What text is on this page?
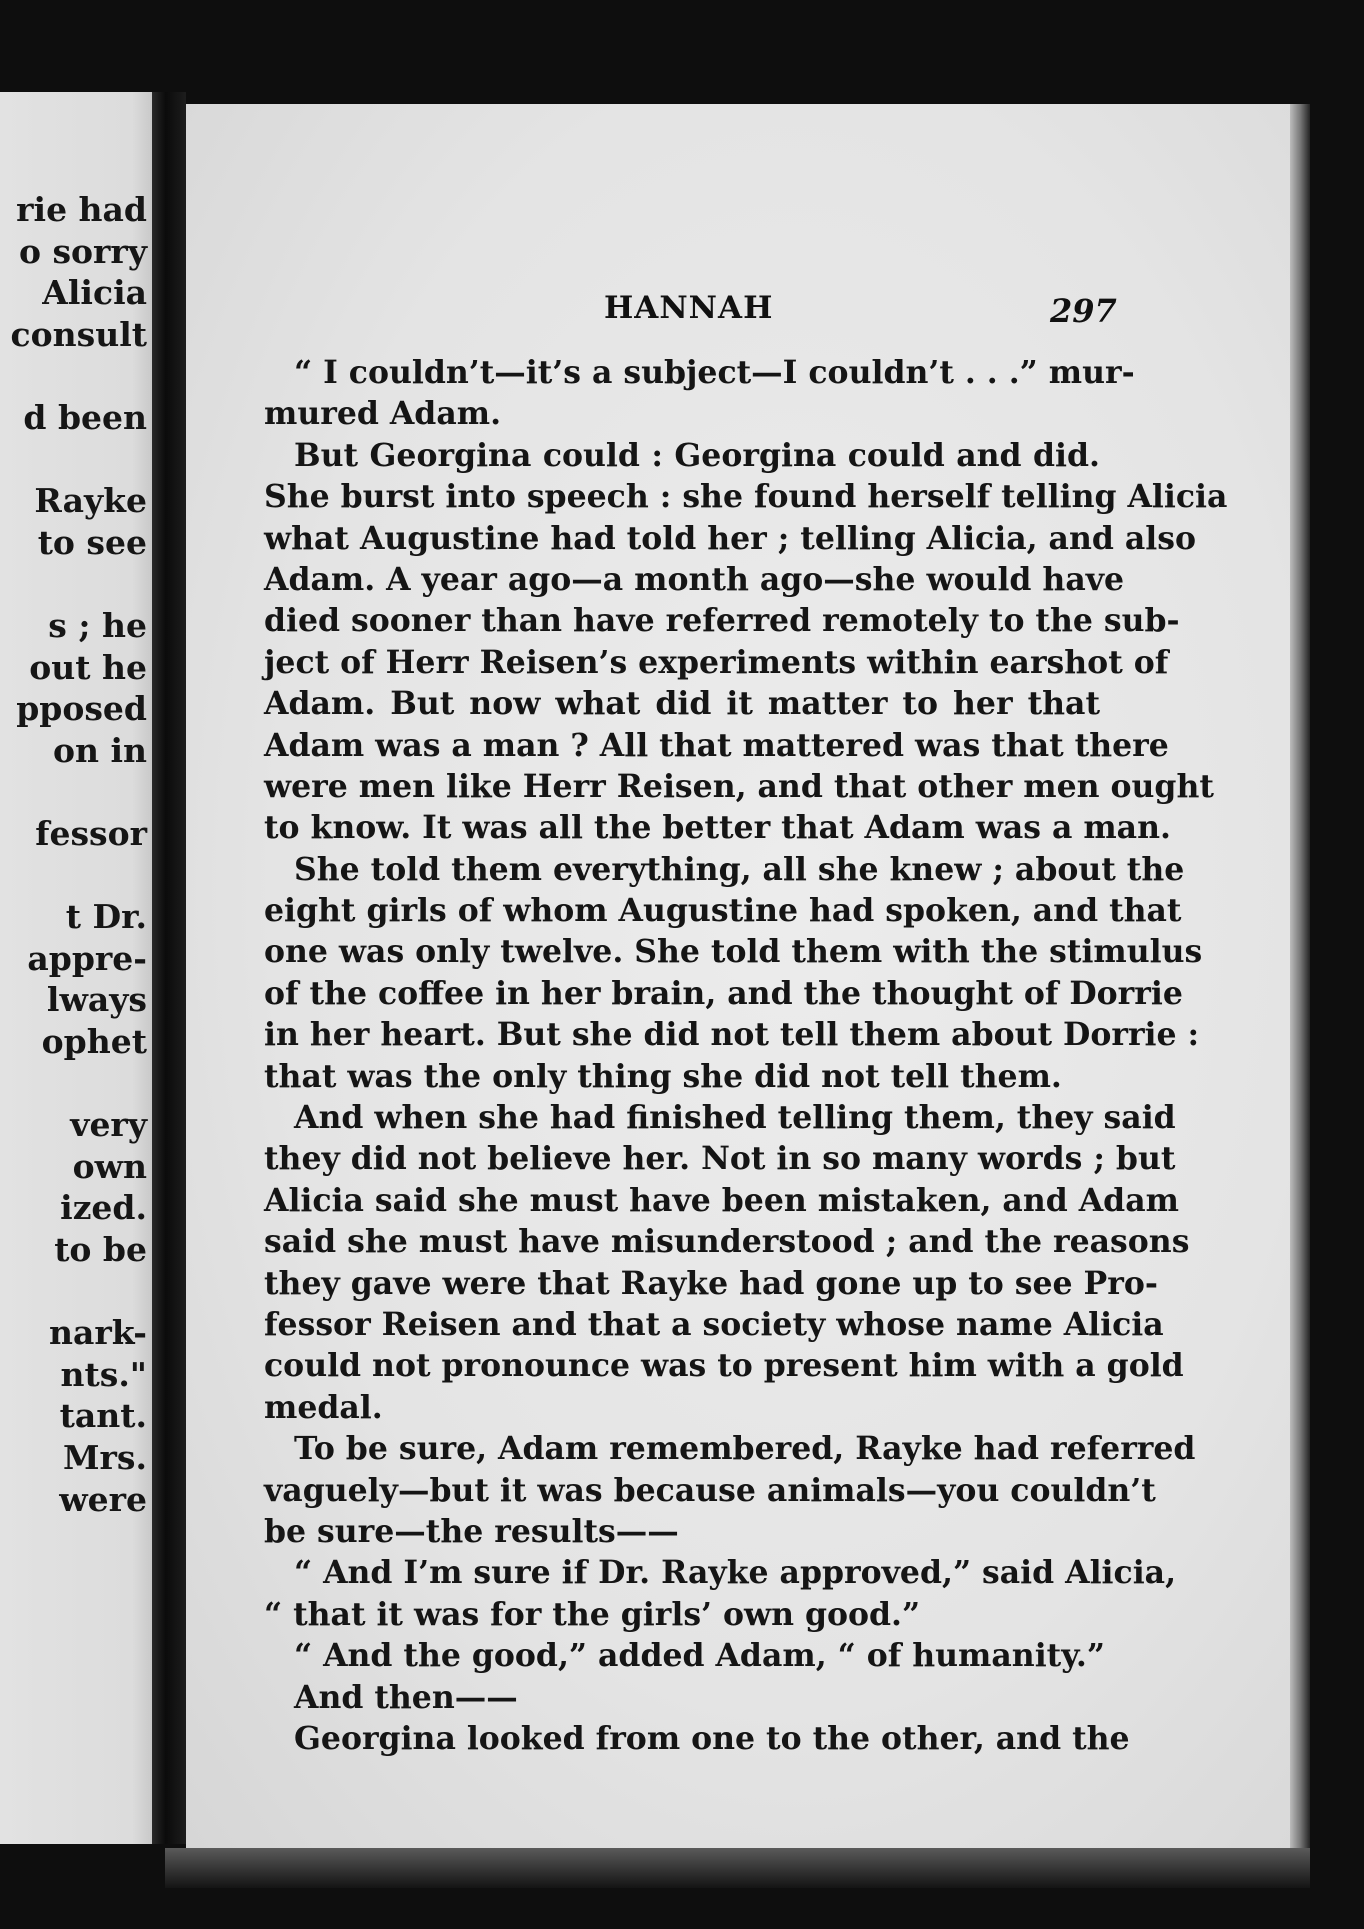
rie had
o sorry
Alicia
consult
d been
Rayke
to see
s ; he
out he
pposed
on in
fessor
t Dr.
appre-
lways
ophet
very
own
ized.
to be
nark-
nts."
tant.
Mrs.
were
HANNAH	297
“ I couldn’t—it’s a subject—I couldn’t . . .” mur-
mured Adam.
But Georgina could : Georgina could and did.
She burst into speech : she found herself telling Alicia
what Augustine had told her ; telling Alicia, and also
Adam. A year ago—a month ago—she would have
died sooner than have referred remotely to the sub-
ject of Herr Reisen’s experiments within earshot of
Adam. But now what did it matter to her that
Adam was a man ? All that mattered was that there
were men like Herr Reisen, and that other men ought
to know. It was all the better that Adam was a man.
She told them everything, all she knew ; about the
eight girls of whom Augustine had spoken, and that
one was only twelve. She told them with the stimulus
of the coffee in her brain, and the thought of Dorrie
in her heart. But she did not tell them about Dorrie :
that was the only thing she did not tell them.
And when she had finished telling them, they said
they did not believe her. Not in so many words ; but
Alicia said she must have been mistaken, and Adam
said she must have misunderstood ; and the reasons
they gave were that Rayke had gone up to see Pro-
fessor Reisen and that a society whose name Alicia
could not pronounce was to present him with a gold
medal.
To be sure, Adam remembered, Rayke had referred
vaguely—but it was because animals—you couldn’t
be sure—the results——
“ And I’m sure if Dr. Rayke approved,” said Alicia,
“ that it was for the girls’ own good.”
“ And the good,” added Adam, “ of humanity.”
And then——
Georgina looked from one to the other, and the
